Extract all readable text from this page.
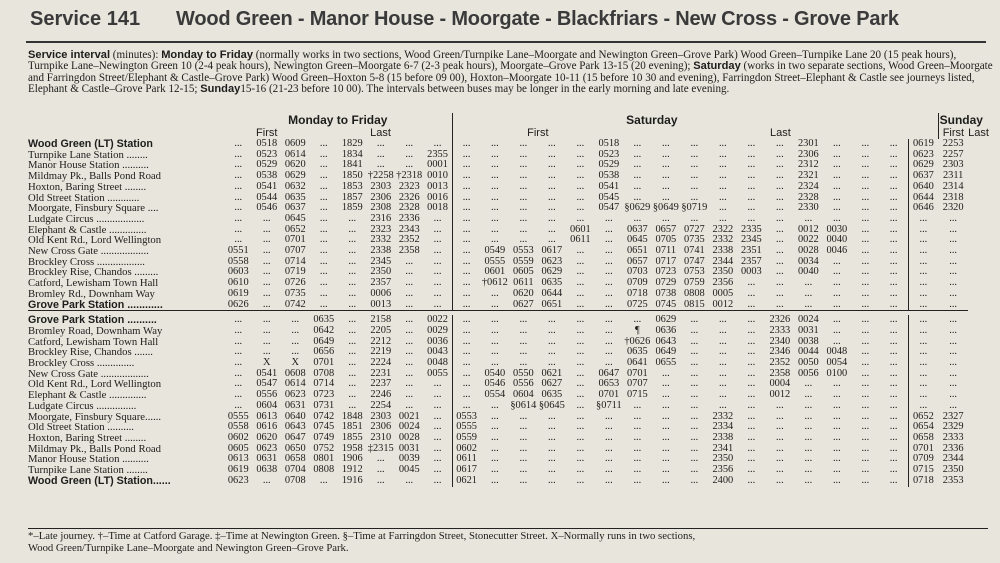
Service 141 Wood Green - Manor House - Moorgate - Blackfriars - New Cross - Grove Park
Service interval (minutes): Monday to Friday (normally works in two sections, Wood Green/Turnpike Lane–Moorgate and Newington Green–Grove Park) Wood Green–Turnpike Lane 20 (15 peak hours), Turnpike Lane–Newington Green 10 (2-4 peak hours), Newington Green–Moorgate 6-7 (2-3 peak hours), Moorgate–Grove Park 13-15 (20 evening); Saturday (works in two separate sections, Wood Green–Moorgate and Farringdon Street/Elephant & Castle–Grove Park) Wood Green–Hoxton 5-8 (15 before 09 00), Hoxton–Moorgate 10-11 (15 before 10 30 and evening), Farringdon Street–Elephant & Castle see journeys listed, Elephant & Castle–Grove Park 12-15; Sunday15-16 (21-23 before 10 00). The intervals between buses may be longer in the early morning and late evening.
	Monday to Friday								Saturday																	Sunday	
	First			Last					First						Last											First	Last
Wood Green (LT) Station	...	0518	0609	...	1829	...	...	...	...	...	...	...	...	0518	...	...	...	...	...	...	2301	...	...	...	0619	2253	
Turnpike Lane Station ........	...	0523	0614	...	1834	...	...	2355	...	...	...	...	...	0523	...	...	...	...	...	...	2306	...	...	...	0623	2257	
Manor House Station ..........	...	0529	0620	...	1841	...	...	0001	...	...	...	...	...	0529	...	...	...	...	...	...	2312	...	...	...	0629	2303	
Mildmay Pk., Balls Pond Road	...	0538	0629	...	1850	†2258	†2318	0010	...	...	...	...	...	0538	...	...	...	...	...	...	2321	...	...	...	0637	2311	
Hoxton, Baring Street ........	...	0541	0632	...	1853	2303	2323	0013	...	...	...	...	...	0541	...	...	...	...	...	...	2324	...	...	...	0640	2314	
Old Street Station ............	...	0544	0635	...	1857	2306	2326	0016	...	...	...	...	...	0545	...	...	...	...	...	...	2328	...	...	...	0644	2318	
Moorgate, Finsbury Square ....	...	0546	0637	...	1859	2308	2328	0018	...	...	...	...	...	0547	§0629	§0649	§0719	...	...	...	2330	...	...	...	0646	2320	
Ludgate Circus ..................	...	...	0645	...	...	2316	2336	...	...	...	...	...	...	...	...	...	...	...	...	...	...	...	...	...	...	...	
Elephant & Castle ..............	...	...	0652	...	...	2323	2343	...	...	...	...	...	0601	...	0637	0657	0727	2322	2335	...	0012	0030	...	...	...	...	
Old Kent Rd., Lord Wellington	...	...	0701	...	...	2332	2352	...	...	...	...	...	0611	...	0645	0705	0735	2332	2345	...	0022	0040	...	...	...	...	
New Cross Gate ..................	0551	...	0707	...	...	2338	2358	...	...	0549	0553	0617	...	...	0651	0711	0741	2338	2351	...	0028	0046	...	...	...	...	
Brockley Cross ..................	0558	...	0714	...	...	2345	...	...	...	0555	0559	0623	...	...	0657	0717	0747	2344	2357	...	0034	...	...	...	...	...	
Brockley Rise, Chandos .........	0603	...	0719	...	...	2350	...	...	...	0601	0605	0629	...	...	0703	0723	0753	2350	0003	...	0040	...	...	...	...	...	
Catford, Lewisham Town Hall	0610	...	0726	...	...	2357	...	...	...	†0612	0611	0635	...	...	0709	0729	0759	2356	...	...	...	...	...	...	...	...	
Bromley Rd., Downham Way	0619	...	0735	...	...	0006	...	...	...	...	0620	0644	...	...	0718	0738	0808	0005	...	...	...	...	...	...	...	...	
Grove Park Station ............	0626	...	0742	...	...	0013	...	...	...	...	0627	0651	...	...	0725	0745	0815	0012	...	...	...	...	...	...	...	...	

Grove Park Station ..........	...	...	...	0635	...	2158	...	0022	...	...	...	...	...	...	...	0629	...	...	...	2326	0024	...	...	...	...	...	
Bromley Road, Downham Way	...	...	...	0642	...	2205	...	0029	...	...	...	...	...	...	¶	0636	...	...	...	2333	0031	...	...	...	...	...	
Catford, Lewisham Town Hall	...	...	...	0649	...	2212	...	0036	...	...	...	...	...	...	†0626	0643	...	...	...	2340	0038	...	...	...	...	...	
Brockley Rise, Chandos .......	...	...	...	0656	...	2219	...	0043	...	...	...	...	...	...	0635	0649	...	...	...	2346	0044	0048	...	...	...	...	
Brockley Cross ..............	...	X	X	0701	...	2224	...	0048	...	...	...	...	...	...	0641	0655	...	...	...	2352	0050	0054	...	...	...	...	
New Cross Gate ..................	...	0541	0608	0708	...	2231	...	0055	...	0540	0550	0621	...	0647	0701	...	...	...	...	2358	0056	0100	...	...	...	...	
Old Kent Rd., Lord Wellington	...	0547	0614	0714	...	2237	...	...	...	0546	0556	0627	...	0653	0707	...	...	...	...	0004	...	...	...	...	...	...	
Elephant & Castle ..............	...	0556	0623	0723	...	2246	...	...	...	0554	0604	0635	...	0701	0715	...	...	...	...	0012	...	...	...	...	...	...	
Ludgate Circus ...............	...	0604	0631	0731	...	2254	...	...	...	...	§0614	§0645	...	§0711	...	...	...	...	...	...	...	...	...	...	...	...	
Moorgate, Finsbury Square......	0555	0613	0640	0742	1848	2303	0021	...	0553	...	...	...	...	...	...	...	...	2332	...	...	...	...	...	...	0652	2327	
Old Street Station ..........	0558	0616	0643	0745	1851	2306	0024	...	0555	...	...	...	...	...	...	...	...	2334	...	...	...	...	...	...	0654	2329	
Hoxton, Baring Street ........	0602	0620	0647	0749	1855	2310	0028	...	0559	...	...	...	...	...	...	...	...	2338	...	...	...	...	...	...	0658	2333	
Mildmay Pk., Balls Pond Road	0605	0623	0650	0752	1958	‡2315	0031	...	0602	...	...	...	...	...	...	...	...	2341	...	...	...	...	...	...	0701	2336	
Manor House Station ..........	0613	0631	0658	0801	1906	...	0039	...	0611	...	...	...	...	...	...	...	...	2350	...	...	...	...	...	...	0709	2344	
Turnpike Lane Station ........	0619	0638	0704	0808	1912	...	0045	...	0617	...	...	...	...	...	...	...	...	2356	...	...	...	...	...	...	0715	2350	
Wood Green (LT) Station......	0623	...	0708	...	1916	...	...	...	0621	...	...	...	...	...	...	...	...	2400	...	...	...	...	...	...	0718	2353	
*–Late journey. †–Time at Catford Garage. ‡–Time at Newington Green. §–Time at Farringdon Street, Stonecutter Street. X–Normally runs in two sections,
Wood Green/Turnpike Lane–Moorgate and Newington Green–Grove Park.
